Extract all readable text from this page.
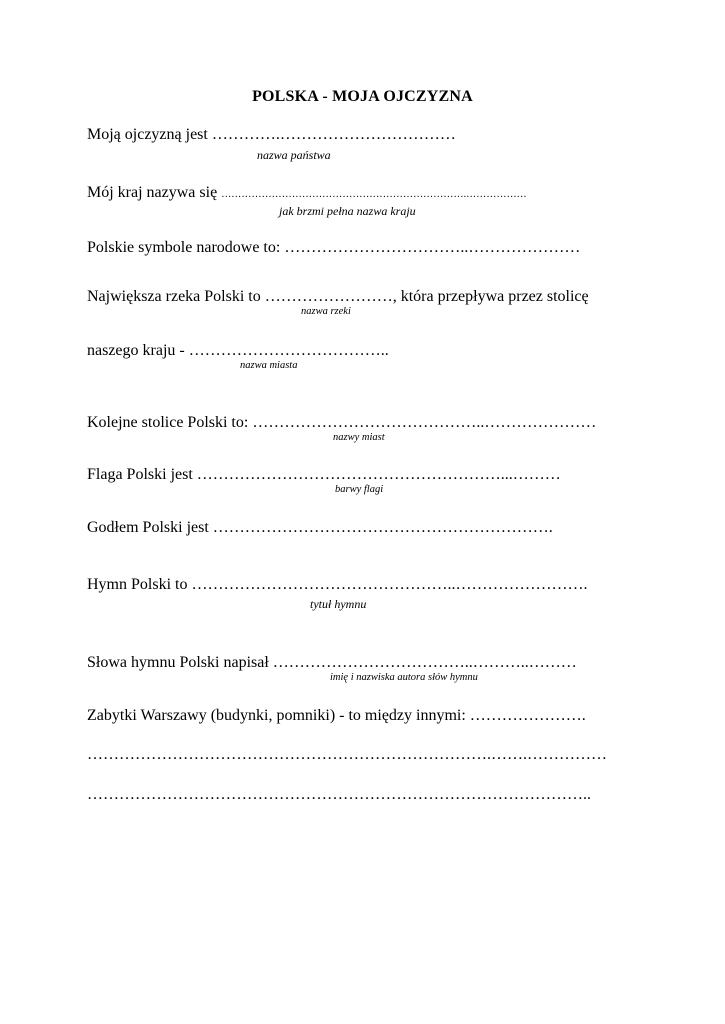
POLSKA - MOJA OJCZYZNA
Moją ojczyzną jest ………….……………………………
nazwa państwa
Mój kraj nazywa się ……………………………………………………………….………………
jak brzmi pełna nazwa kraju
Polskie symbole narodowe to: ……………………………..…………………
Największa rzeka Polski to ……………………, która przepływa przez stolicę
nazwa rzeki
naszego kraju - ………………………………..
nazwa miasta
Kolejne stolice Polski to: ……………………………………..…………………
nazwy miast
Flaga Polski jest …………………………………………………...………
barwy flagi
Godłem Polski jest ……………………………………………………….
Hymn Polski to …………………………………………..…………………….
tytuł hymnu
Słowa hymnu Polski napisał ………………………………..………..………
imię i nazwiska autora słów hymnu
Zabytki Warszawy (budynki, pomniki) - to między innymi: ………………….
………………………………………………………………….…….……………
…………………………………………………………………………………..
